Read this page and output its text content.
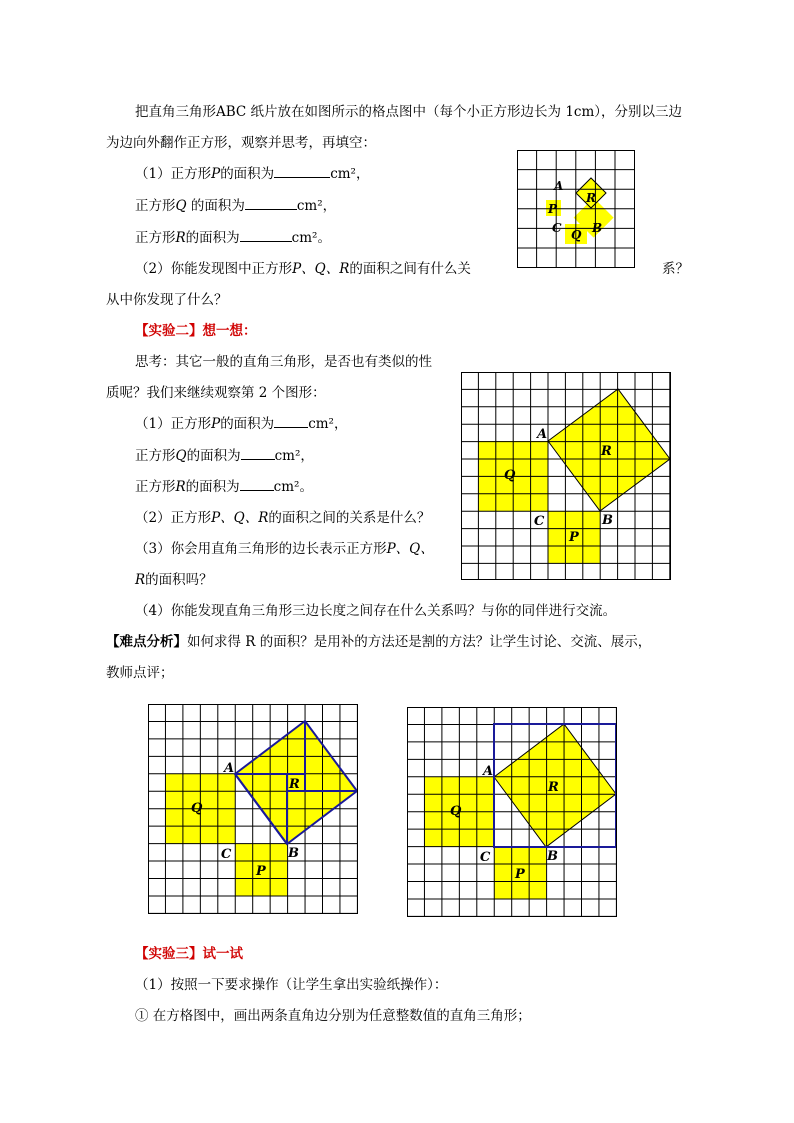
把直角三角形ABC 纸片放在如图所示的格点图中（每个小正方形边长为 1cm），分别以三边
为边向外翻作正方形，观察并思考，再填空：
（1）正方形P的面积为	cm²，
正方形Q 的面积为	cm²，
正方形R的面积为	cm²。
（2）你能发现图中正方形P、Q、R的面积之间有什么关	系？
从中你发现了什么？
A
R
P
C Q B
【实验二】想一想：
思考：其它一般的直角三角形，是否也有类似的性
质呢？我们来继续观察第 2 个图形：
（1）正方形P的面积为	cm²，
正方形Q的面积为	cm²，
正方形R的面积为	cm²。
（2）正方形P、Q、R的面积之间的关系是什么？
（3）你会用直角三角形的边长表示正方形P、Q、
R的面积吗？
（4）你能发现直角三角形三边长度之间存在什么关系吗？与你的同伴进行交流。
A
R
Q
C	B
P
【难点分析】如何求得 R 的面积？是用补的方法还是割的方法？让学生讨论、交流、展示，
教师点评；
A
R
Q
C	B
P
A
R
Q
C	B
P
【实验三】试一试
（1）按照一下要求操作（让学生拿出实验纸操作）：
① 在方格图中，画出两条直角边分别为任意整数值的直角三角形；
